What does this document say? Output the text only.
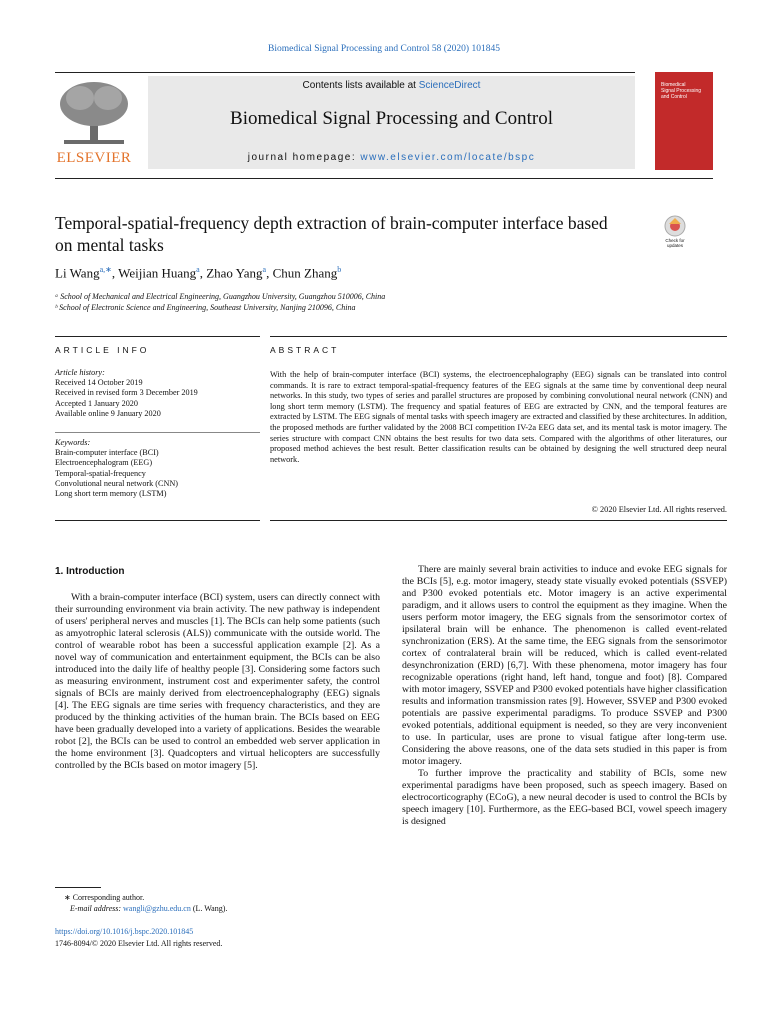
Biomedical Signal Processing and Control 58 (2020) 101845
ELSEVIER
Contents lists available at ScienceDirect
Biomedical Signal Processing and Control
journal homepage: www.elsevier.com/locate/bspc
Biomedical
Signal Processing
and Control
Temporal-spatial-frequency depth extraction of brain-computer interface based on mental tasks	Check for
updates
Li Wang$^{a,∗}$, Weijian Huang$^a$, Zhao Yang$^a$, Chun Zhang$^b$
ᵃ School of Mechanical and Electrical Engineering, Guangzhou University, Guangzhou 510006, China
ᵇ School of Electronic Science and Engineering, Southeast University, Nanjing 210096, China
ARTICLE INFO	ABSTRACT
Article history:
Received 14 October 2019
Received in revised form 3 December 2019
Accepted 1 January 2020
Available online 9 January 2020
Keywords:
Brain-computer interface (BCI)
Electroencephalogram (EEG)
Temporal-spatial-frequency
Convolutional neural network (CNN)
Long short term memory (LSTM)
With the help of brain-computer interface (BCI) systems, the electroencephalography (EEG) signals can be translated into control commands. It is rare to extract temporal-spatial-frequency features of the EEG signals at the same time by conventional deep neural networks. In this study, two types of series and parallel structures are proposed by combining convolutional neural network (CNN) and long short term memory (LSTM). The frequency and spatial features of EEG are extracted by CNN, and the temporal features are extracted by LSTM. The EEG signals of mental tasks with speech imagery are extracted and classified by these architectures. In addition, the proposed methods are further validated by the 2008 BCI competition IV-2a EEG data set, and its mental task is motor imagery. The series structure with compact CNN obtains the best results for two data sets. Compared with the algorithms of other literatures, our proposed method achieves the best result. Better classification results can be obtained by designing the well structured deep neural network.
© 2020 Elsevier Ltd. All rights reserved.
1. Introduction

With a brain-computer interface (BCI) system, users can directly connect with their surrounding environment via brain activity. The new pathway is independent of users' peripheral nerves and muscles [1]. The BCIs can help some patients (such as amyotrophic lateral sclerosis (ALS)) communicate with the outside world. The control of wearable robot has been a successful application example [2]. As a novel way of communication and entertainment equipment, the BCIs can be also introduced into the daily life of healthy people [3]. Considering some factors such as measuring environment, instrument cost and experimenter safety, the control signals of BCIs are mainly derived from electroencephalography (EEG) signals [4]. The EEG signals are time series with frequency characteristics, and they are produced by the thinking activities of the human brain. The BCIs based on EEG have been gradually developed into a variety of applications. Besides the wearable robot [2], the BCIs can be used to control an embedded web server application in the home environment [3]. Quadcopters and virtual helicopters are successfully controlled by the BCIs based on motor imagery [5].

There are mainly several brain activities to induce and evoke EEG signals for the BCIs [5], e.g. motor imagery, steady state visually evoked potentials (SSVEP) and P300 evoked potentials etc. Motor imagery is an active experimental paradigm, and it allows users to control the equipment as they imagine. When the users perform motor imagery, the EEG signals from the sensorimotor cortex of ipsilateral brain will be enhance. The phenomenon is called event-related synchronization (ERS). At the same time, the EEG signals from the sensorimotor cortex of contralateral brain will be reduced, which is called event-related desynchronization (ERD) [6,7]. With these phenomena, motor imagery has four recognizable operations (right hand, left hand, tongue and foot) [8]. Compared with motor imagery, SSVEP and P300 evoked potentials have higher classification results and information transmission rates [9]. However, SSVEP and P300 evoked potentials are passive experimental paradigms. To produce SSVEP and P300 evoked potentials, additional equipment is needed, so they are very inconvenient to use. In particular, uses are prone to visual fatigue after long-term use. Considering the above reasons, one of the data sets studied in this paper is from motor imagery.

To further improve the practicality and stability of BCIs, some new experimental paradigms have been proposed, such as speech imagery. Based on electrocorticography (ECoG), a new neural decoder is used to control the BCIs by speech imagery [10]. Furthermore, as the EEG-based BCI, vowel speech imagery is designed

∗ Corresponding author.
E-mail address: wangli@gzhu.edu.cn (L. Wang).
https://doi.org/10.1016/j.bspc.2020.101845
1746-8094/© 2020 Elsevier Ltd. All rights reserved.
